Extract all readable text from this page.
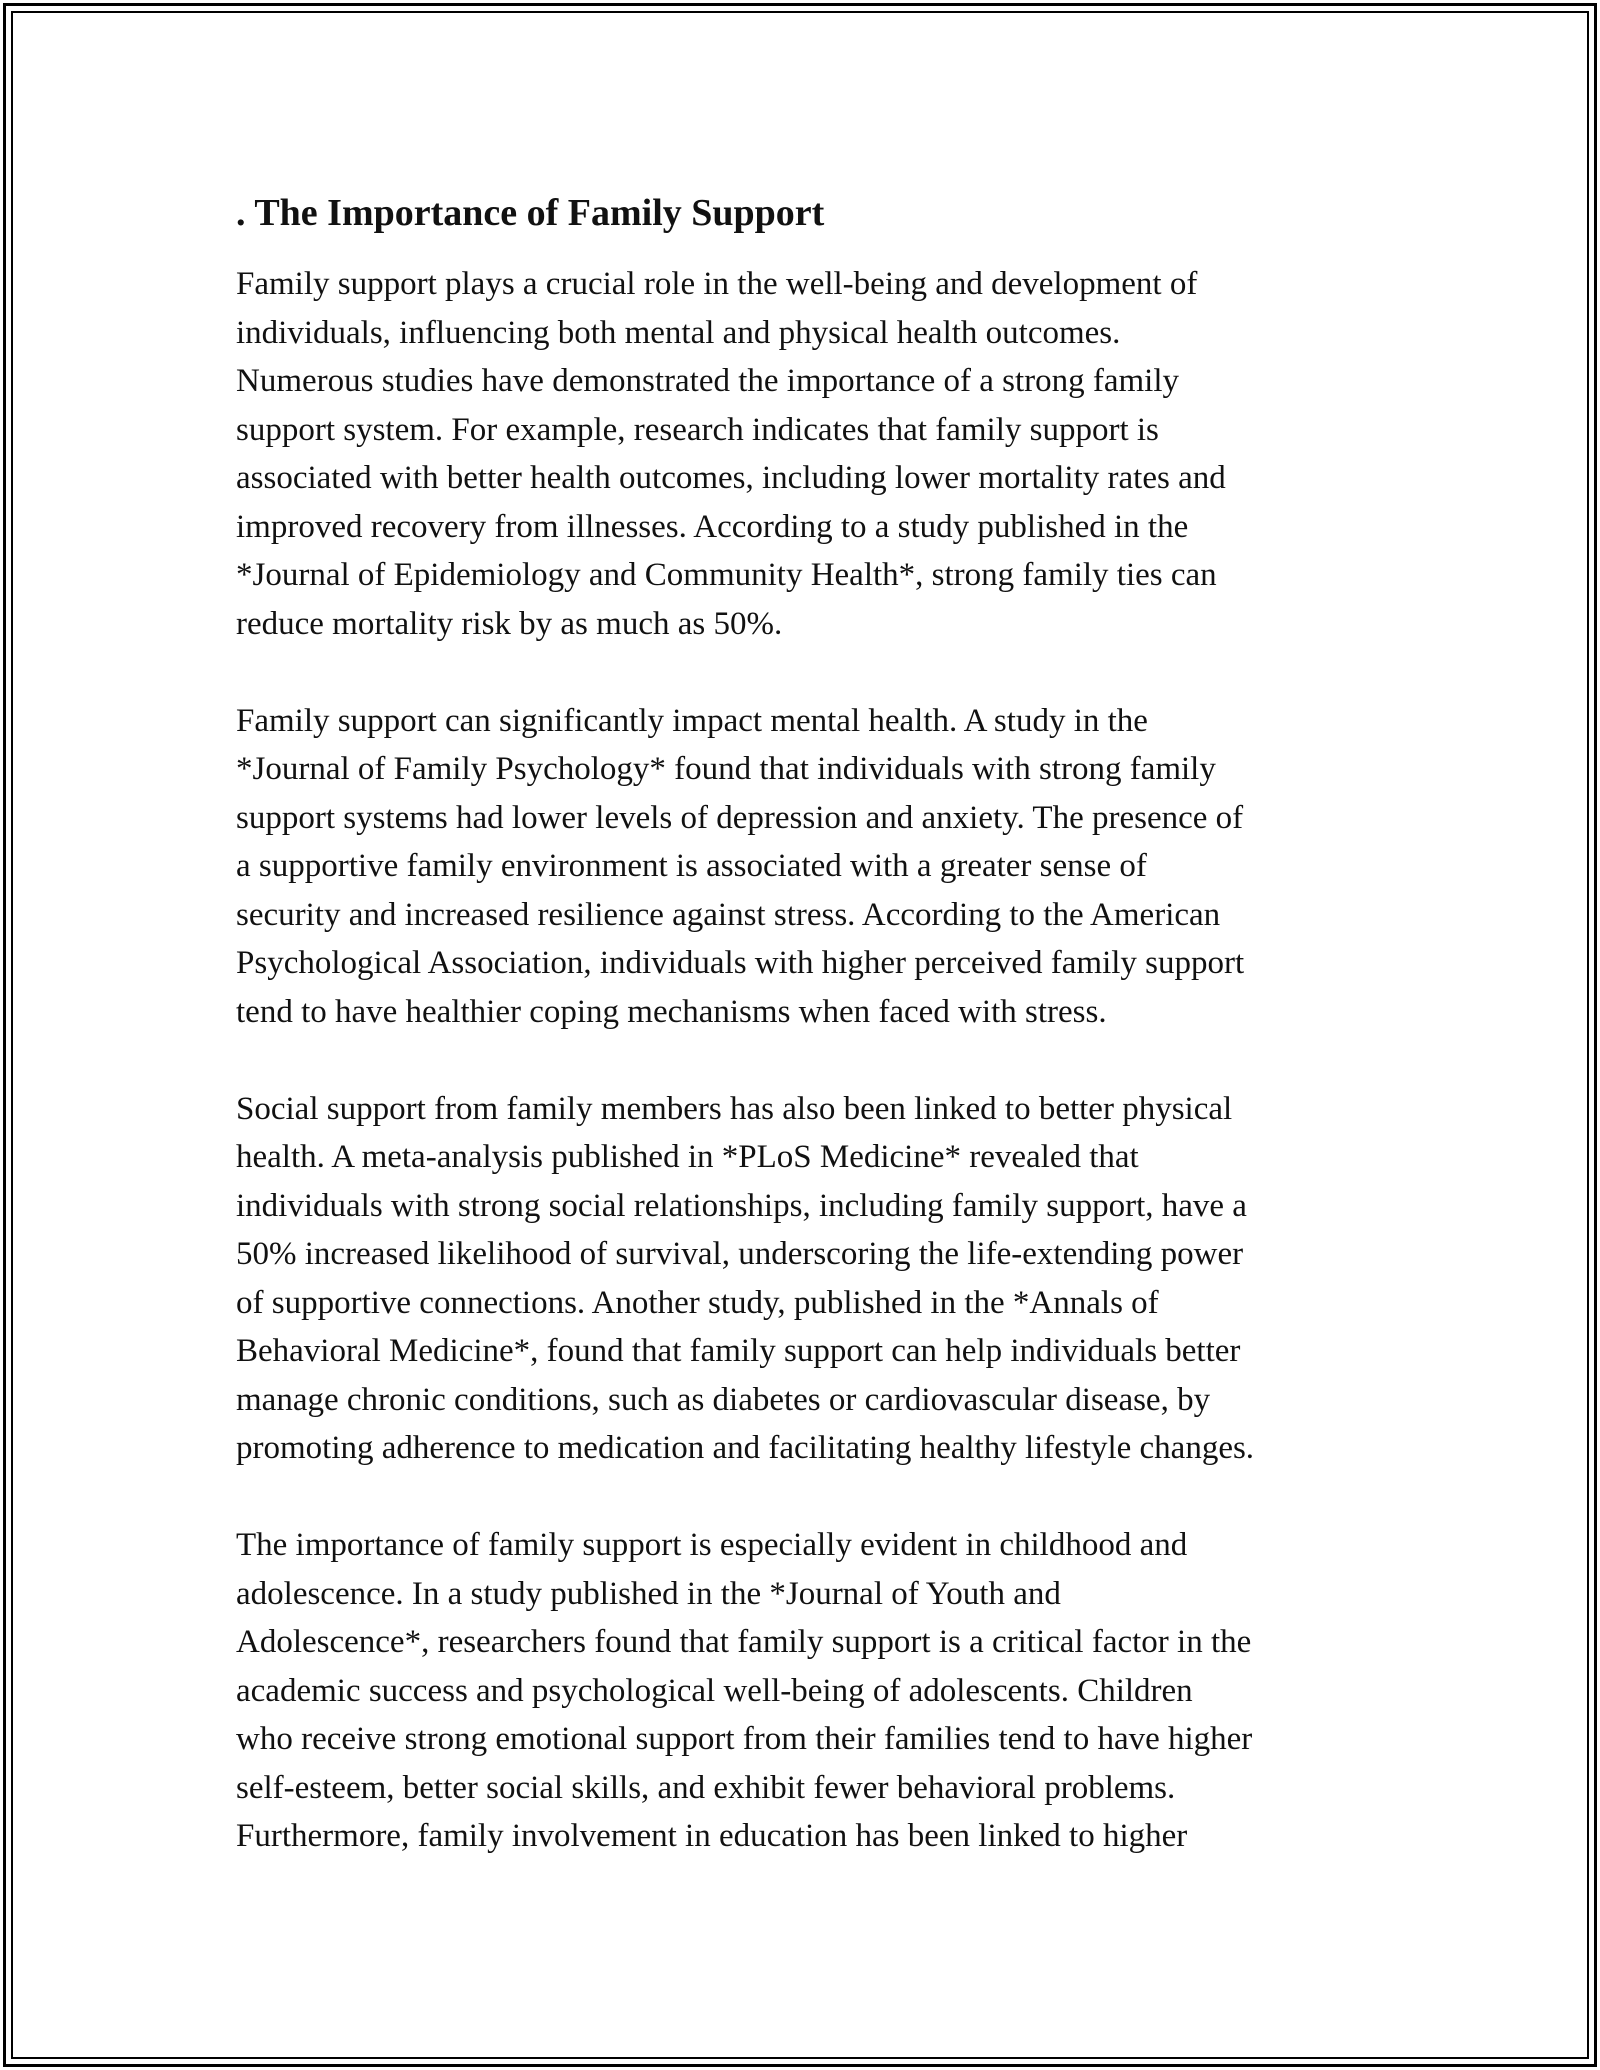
. The Importance of Family Support
Family support plays a crucial role in the well-being and development of
individuals, influencing both mental and physical health outcomes.
Numerous studies have demonstrated the importance of a strong family
support system. For example, research indicates that family support is
associated with better health outcomes, including lower mortality rates and
improved recovery from illnesses. According to a study published in the
*Journal of Epidemiology and Community Health*, strong family ties can
reduce mortality risk by as much as 50%.
Family support can significantly impact mental health. A study in the
*Journal of Family Psychology* found that individuals with strong family
support systems had lower levels of depression and anxiety. The presence of
a supportive family environment is associated with a greater sense of
security and increased resilience against stress. According to the American
Psychological Association, individuals with higher perceived family support
tend to have healthier coping mechanisms when faced with stress.
Social support from family members has also been linked to better physical
health. A meta-analysis published in *PLoS Medicine* revealed that
individuals with strong social relationships, including family support, have a
50% increased likelihood of survival, underscoring the life-extending power
of supportive connections. Another study, published in the *Annals of
Behavioral Medicine*, found that family support can help individuals better
manage chronic conditions, such as diabetes or cardiovascular disease, by
promoting adherence to medication and facilitating healthy lifestyle changes.
The importance of family support is especially evident in childhood and
adolescence. In a study published in the *Journal of Youth and
Adolescence*, researchers found that family support is a critical factor in the
academic success and psychological well-being of adolescents. Children
who receive strong emotional support from their families tend to have higher
self-esteem, better social skills, and exhibit fewer behavioral problems.
Furthermore, family involvement in education has been linked to higher
